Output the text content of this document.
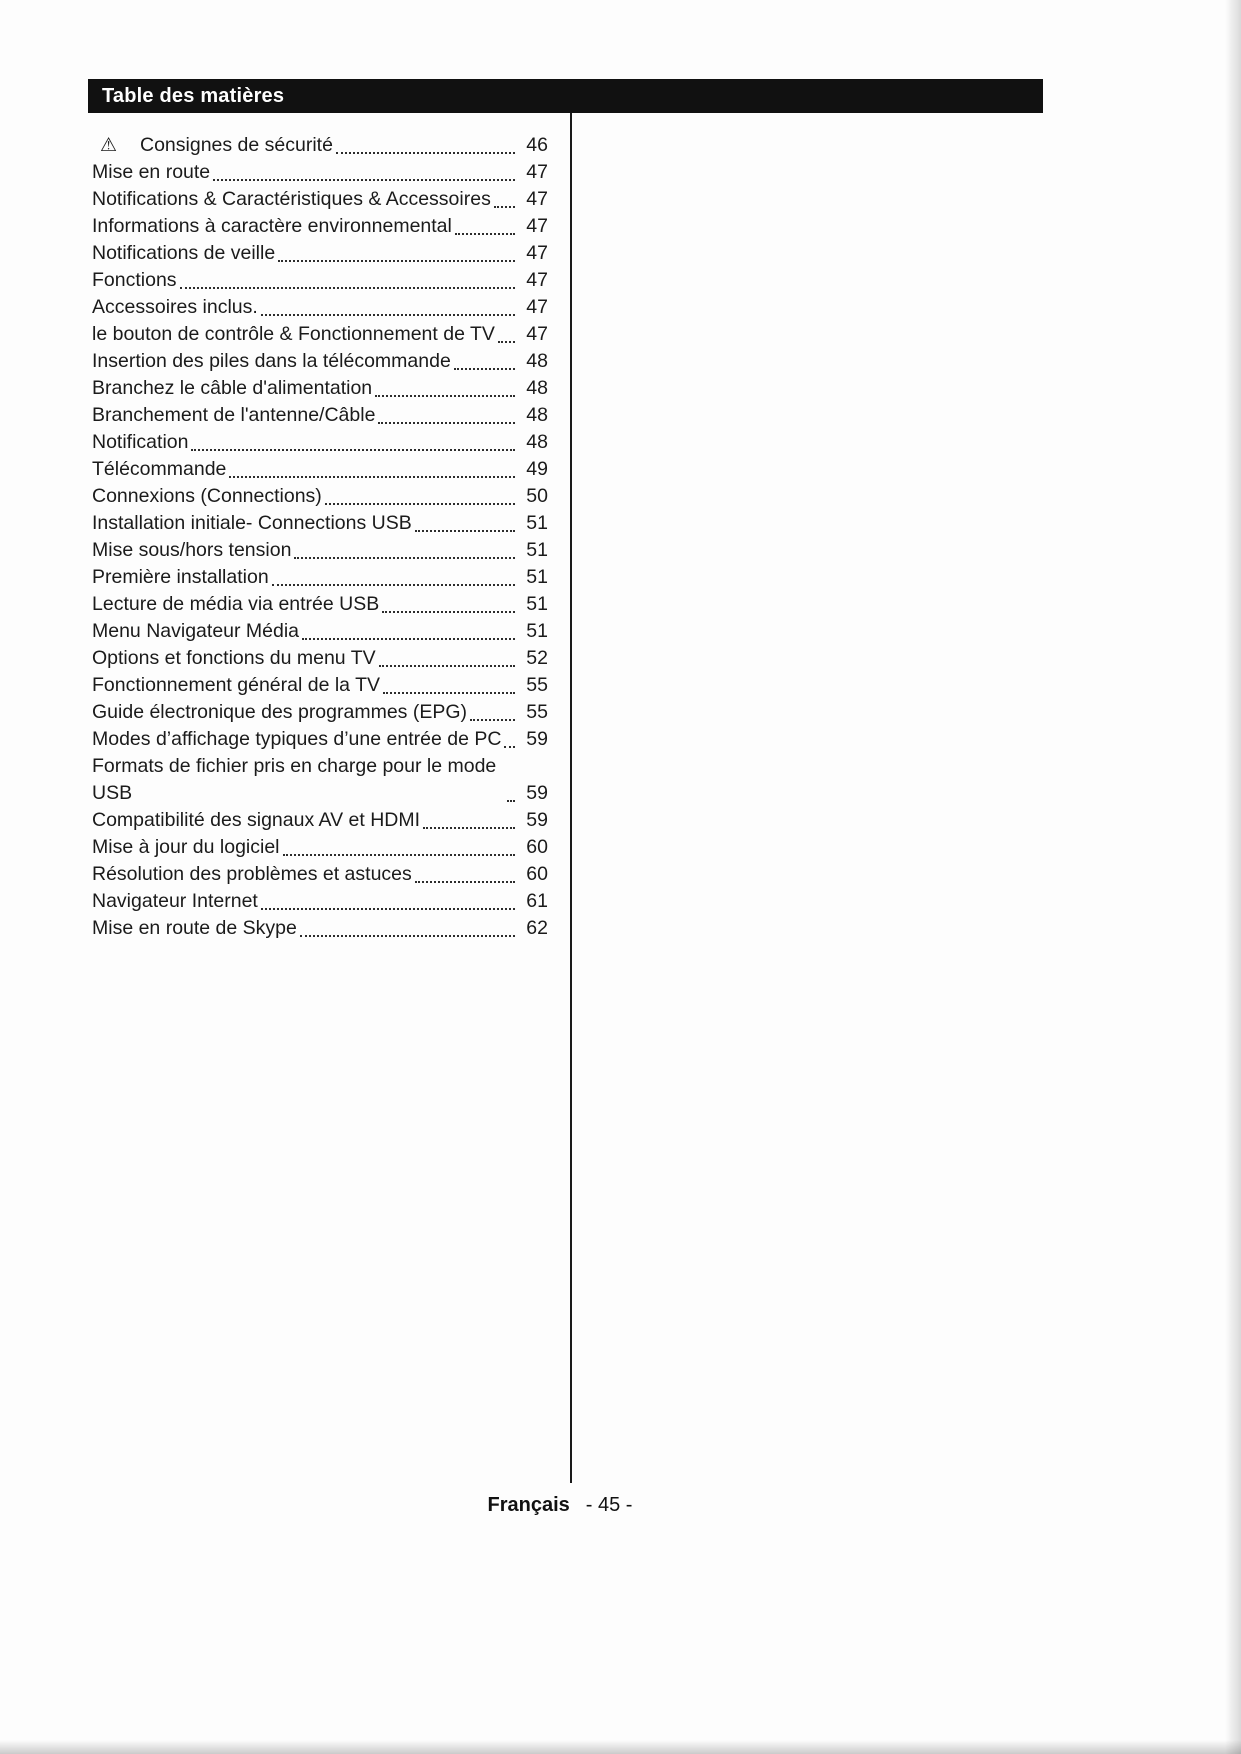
Table des matières
⚠	Consignes de sécurité	46
Mise en route	47
Notifications & Caractéristiques & Accessoires	47
Informations à caractère environnemental	47
Notifications de veille	47
Fonctions	47
Accessoires inclus.	47
le bouton de contrôle & Fonctionnement de TV	47
Insertion des piles dans la télécommande	48
Branchez le câble d'alimentation	48
Branchement de l'antenne/Câble	48
Notification	48
Télécommande	49
Connexions (Connections)	50
Installation initiale- Connections USB	51
Mise sous/hors tension	51
Première installation	51
Lecture de média via entrée USB	51
Menu Navigateur Média	51
Options et fonctions du menu TV	52
Fonctionnement général de la TV	55
Guide électronique des programmes (EPG)	55
Modes d’affichage typiques d’une entrée de PC	59
Formats de fichier pris en charge pour le mode USB	59
Compatibilité des signaux AV et HDMI	59
Mise à jour du logiciel	60
Résolution des problèmes et astuces	60
Navigateur Internet	61
Mise en route de Skype	62
Français - 45 -
